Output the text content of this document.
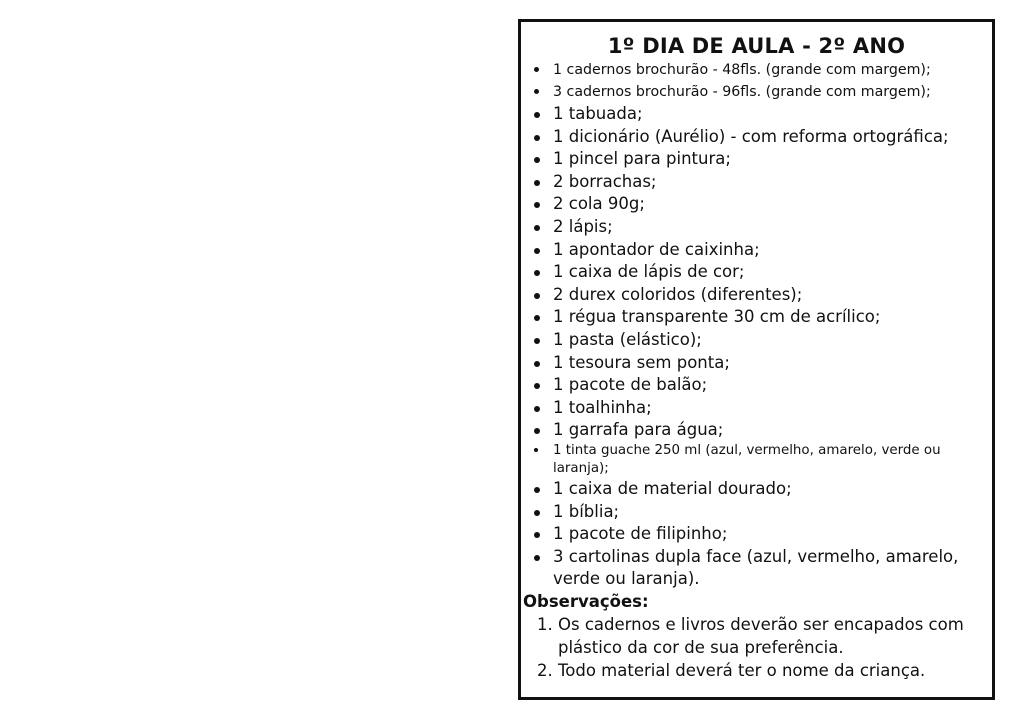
1º DIA DE AULA - 2º ANO
1 cadernos brochurão - 48fls. (grande com margem);
3 cadernos brochurão - 96fls. (grande com margem);
1 tabuada;
1 dicionário (Aurélio) - com reforma ortográfica;
1 pincel para pintura;
2 borrachas;
2 cola 90g;
2 lápis;
1 apontador de caixinha;
1 caixa de lápis de cor;
2 durex coloridos (diferentes);
1 régua transparente 30 cm de acrílico;
1 pasta (elástico);
1 tesoura sem ponta;
1 pacote de balão;
1 toalhinha;
1 garrafa para água;
1 tinta guache 250 ml (azul, vermelho, amarelo, verde ou laranja);
1 caixa de material dourado;
1 bíblia;
1 pacote de filipinho;
3 cartolinas dupla face (azul, vermelho, amarelo, verde ou laranja).
Observações:
1. Os cadernos e livros deverão ser encapados com plástico da cor de sua preferência.
2. Todo material deverá ter o nome da criança.
